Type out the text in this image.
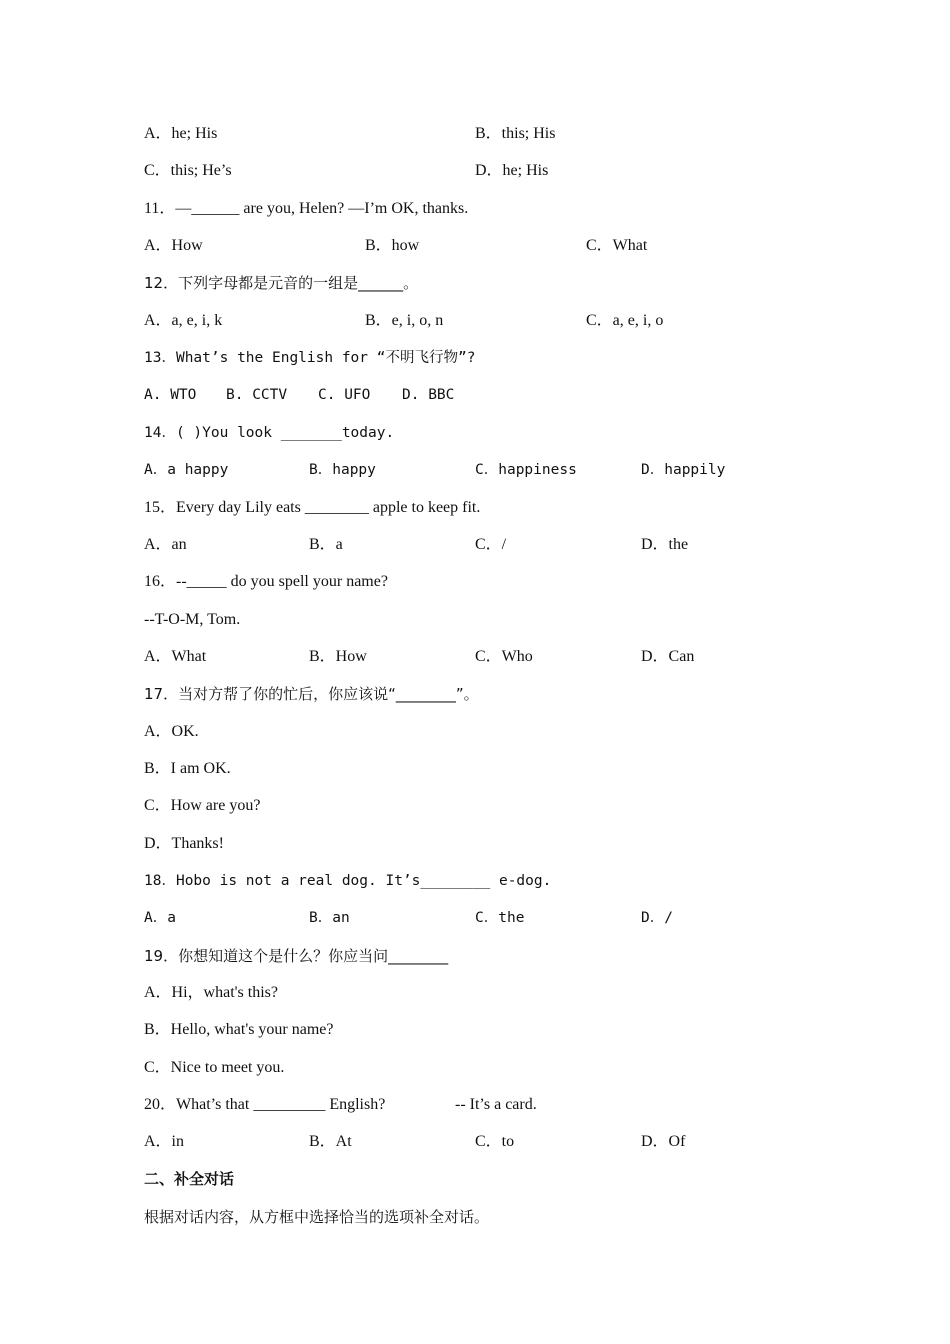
A．he; His	B．this; His
C．this; He’s	D．he; His
11．—______ are you, Helen? —I’m OK, thanks.
A．How	B．how	C．What
12．下列字母都是元音的一组是______。
A．a, e, i, k	B．e, i, o, n	C．a, e, i, o
13．What’s the English for “不明飞行物”?
A. WTO B. CCTV C. UFO D. BBC
14．( )You look _______today.
A．a happy	B．happy	C．happiness	D．happily
15．Every day Lily eats ________ apple to keep fit.
A．an	B．a	C．/	D．the
16．--_____ do you spell your name?
--T-O-M, Tom.
A．What	B．How	C．Who	D．Can
17．当对方帮了你的忙后，你应该说“________”。
A．OK.
B．I am OK.
C．How are you?
D．Thanks!
18．Hobo is not a real dog. It’s________ e-dog.
A．a	B．an	C．the	D．/
19．你想知道这个是什么？你应当问________
A．Hi，what's this?
B．Hello, what's your name?
C．Nice to meet you.
20．What’s that _________ English?	-- It’s a card.
A．in	B．At	C．to	D．Of
二、补全对话
根据对话内容，从方框中选择恰当的选项补全对话。
